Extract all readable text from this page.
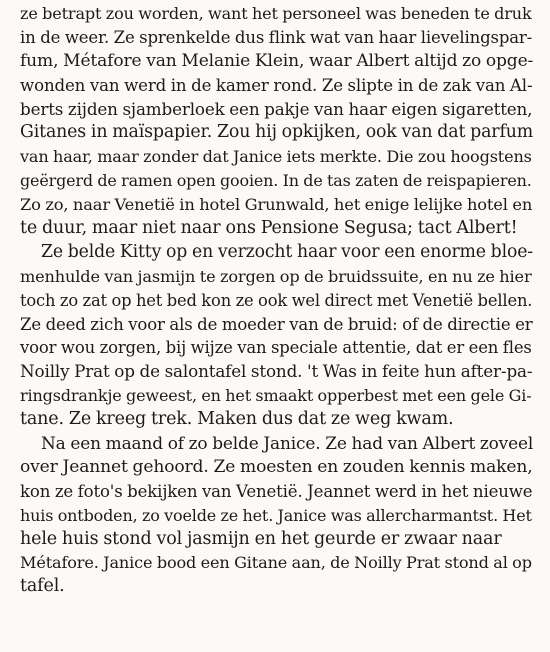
ze betrapt zou worden, want het personeel was beneden te druk
in de weer. Ze sprenkelde dus flink wat van haar lievelingspar-
fum, Métafore van Melanie Klein, waar Albert altijd zo opge-
wonden van werd in de kamer rond. Ze slipte in de zak van Al-
berts zijden sjamberloek een pakje van haar eigen sigaretten,
Gitanes in maïspapier. Zou hij opkijken, ook van dat parfum
van haar, maar zonder dat Janice iets merkte. Die zou hoogstens
geërgerd de ramen open gooien. In de tas zaten de reispapieren.
Zo zo, naar Venetië in hotel Grunwald, het enige lelijke hotel en
te duur, maar niet naar ons Pensione Segusa; tact Albert!
Ze belde Kitty op en verzocht haar voor een enorme bloe-
menhulde van jasmijn te zorgen op de bruidssuite, en nu ze hier
toch zo zat op het bed kon ze ook wel direct met Venetië bellen.
Ze deed zich voor als de moeder van de bruid: of de directie er
voor wou zorgen, bij wijze van speciale attentie, dat er een fles
Noilly Prat op de salontafel stond. 't Was in feite hun after-pa-
ringsdrankje geweest, en het smaakt opperbest met een gele Gi-
tane. Ze kreeg trek. Maken dus dat ze weg kwam.
Na een maand of zo belde Janice. Ze had van Albert zoveel
over Jeannet gehoord. Ze moesten en zouden kennis maken,
kon ze foto's bekijken van Venetië. Jeannet werd in het nieuwe
huis ontboden, zo voelde ze het. Janice was allercharmantst. Het
hele huis stond vol jasmijn en het geurde er zwaar naar
Métafore. Janice bood een Gitane aan, de Noilly Prat stond al op
tafel.
